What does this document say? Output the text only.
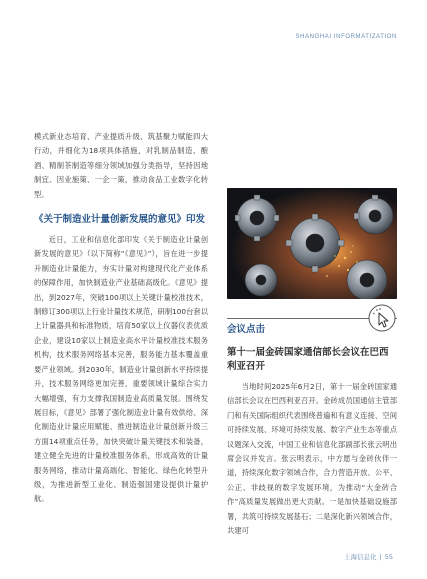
SHANGHAI INFORMATIZATION

模式新业态培育、产业提质升级、筑基聚力赋能四大行动，并细化为18项具体措施，对乳制品制造、酿酒、精制茶制造等细分领域加强分类指导，坚持因地制宜、因业施策、一企一策，推动食品工业数字化转型。

《关于制造业计量创新发展的意见》印发

近日，工业和信息化部印发《关于制造业计量创新发展的意见》（以下简称“《意见》”），旨在进一步提升制造业计量能力，夯实计量对构建现代化产业体系的保障作用，加快制造业产业基础高级化。《意见》提出，到2027年，突破100项以上关键计量校准技术，制修订300项以上行业计量技术规范，研制100台套以上计量器具和标准物质，培育50家以上仪器仪表优质企业，建设10家以上制造业高水平计量校准技术服务机构，技术服务网络基本完善，服务能力基本覆盖重要产业领域。到2030年，制造业计量创新水平持续提升，技术服务网络更加完善，重要领域计量综合实力大幅增强，有力支撑我国制造业高质量发展。围绕发展目标，《意见》部署了强化制造业计量有效供给、深化制造业计量应用赋能、推进制造业计量创新升级三方面14项重点任务，加快突破计量关键技术和装备，建立健全先进的计量校准服务体系，形成高效的计量服务网络，推动计量高端化、智能化、绿色化转型升级，为推进新型工业化、制造强国建设提供计量护航。

会议点击
第十一届金砖国家通信部长会议在巴西利亚召开

当地时间2025年6月2日，第十一届金砖国家通信部长会议在巴西利亚召开。金砖成员国通信主管部门和有关国际组织代表围绕普遍和有意义连接、空间可持续发展、环境可持续发展、数字产业生态等重点议题深入交流，中国工业和信息化部副部长张云明出席会议并发言。张云明表示，中方愿与金砖伙伴一道，持续深化数字领域合作，合力营造开放、公平、公正、非歧视的数字发展环境，为推动“大金砖合作”高质量发展做出更大贡献。一是加快基础设施部署，共筑可持续发展基石；二是深化新兴领域合作，共建可

上海信息化 | 55
